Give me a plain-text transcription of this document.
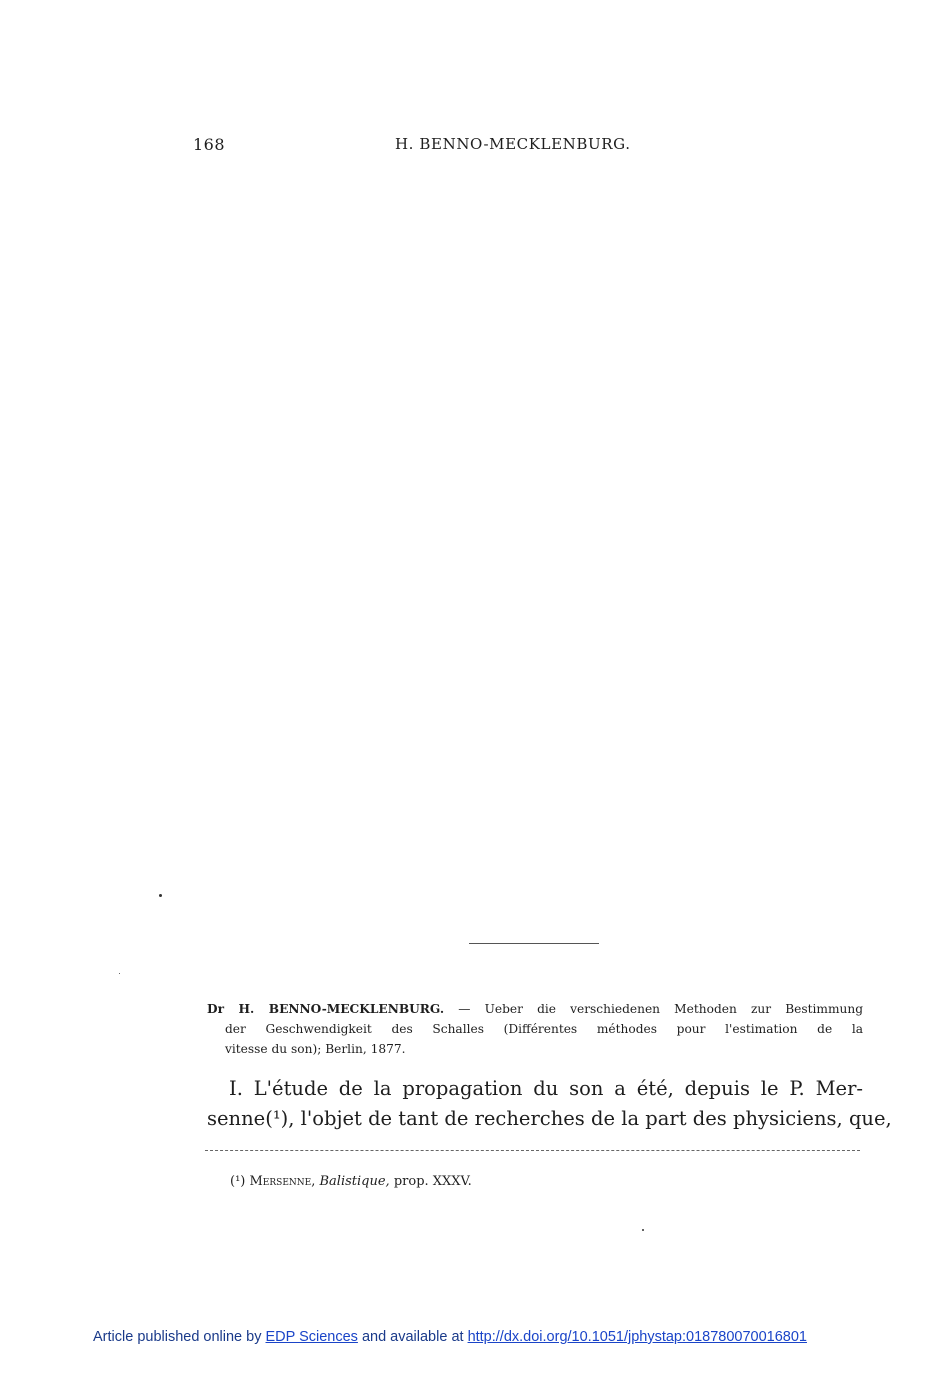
168	H. BENNO-MECKLENBURG.
Dr H. BENNO-MECKLENBURG. — Ueber die verschiedenen Methoden zur Bestimmung
der Geschwendigkeit des Schalles (Différentes méthodes pour l'estimation de la
vitesse du son); Berlin, 1877.
I. L'étude de la propagation du son a été, depuis le P. Mer-
senne(¹), l'objet de tant de recherches de la part des physiciens, que,
(¹) Mersenne, Balistique, prop. XXXV.
Article published online by EDP Sciences and available at http://dx.doi.org/10.1051/jphystap:018780070016801
